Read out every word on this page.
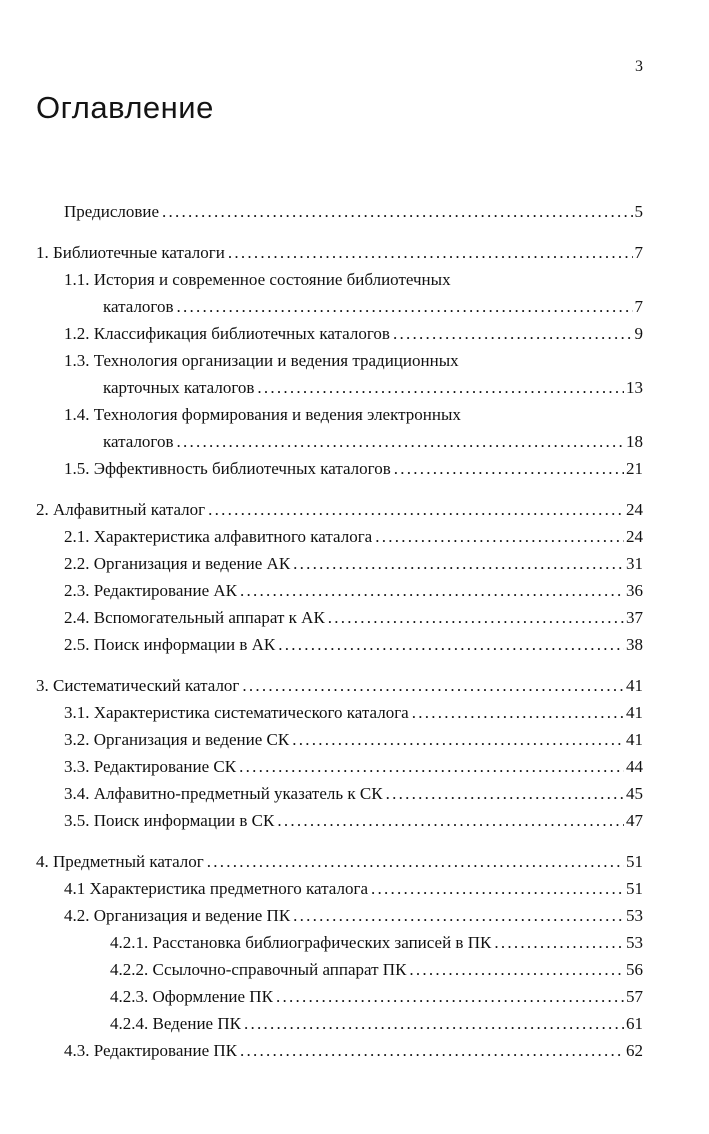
3
Оглавление
Предисловие . . .	5
1. Библиотечные каталоги . . .	7
1.1. История и современное состояние библиотечных
каталогов . . .	7
1.2. Классификация библиотечных каталогов . . .	9
1.3. Технология организации и ведения традиционных
карточных каталогов . . .	13
1.4. Технология формирования и ведения электронных
каталогов . . .	18
1.5. Эффективность библиотечных каталогов . . .	21
2. Алфавитный каталог . . .	24
2.1. Характеристика алфавитного каталога . . .	24
2.2. Организация и ведение АК . . .	31
2.3. Редактирование АК . . .	36
2.4. Вспомогательный аппарат к АК . . .	37
2.5. Поиск информации в АК . . .	38
3. Систематический каталог . . .	41
3.1. Характеристика систематического каталога . . .	41
3.2. Организация и ведение СК . . .	41
3.3. Редактирование СК . . .	44
3.4. Алфавитно-предметный указатель к СК . . .	45
3.5. Поиск информации в СК . . .	47
4. Предметный каталог . . .	51
4.1 Характеристика предметного каталога . . .	51
4.2. Организация и ведение ПК . . .	53
4.2.1. Расстановка библиографических записей в ПК . . .	53
4.2.2. Ссылочно-справочный аппарат ПК . . .	56
4.2.3. Оформление ПК . . .	57
4.2.4. Ведение ПК . . .	61
4.3. Редактирование ПК . . .	62
